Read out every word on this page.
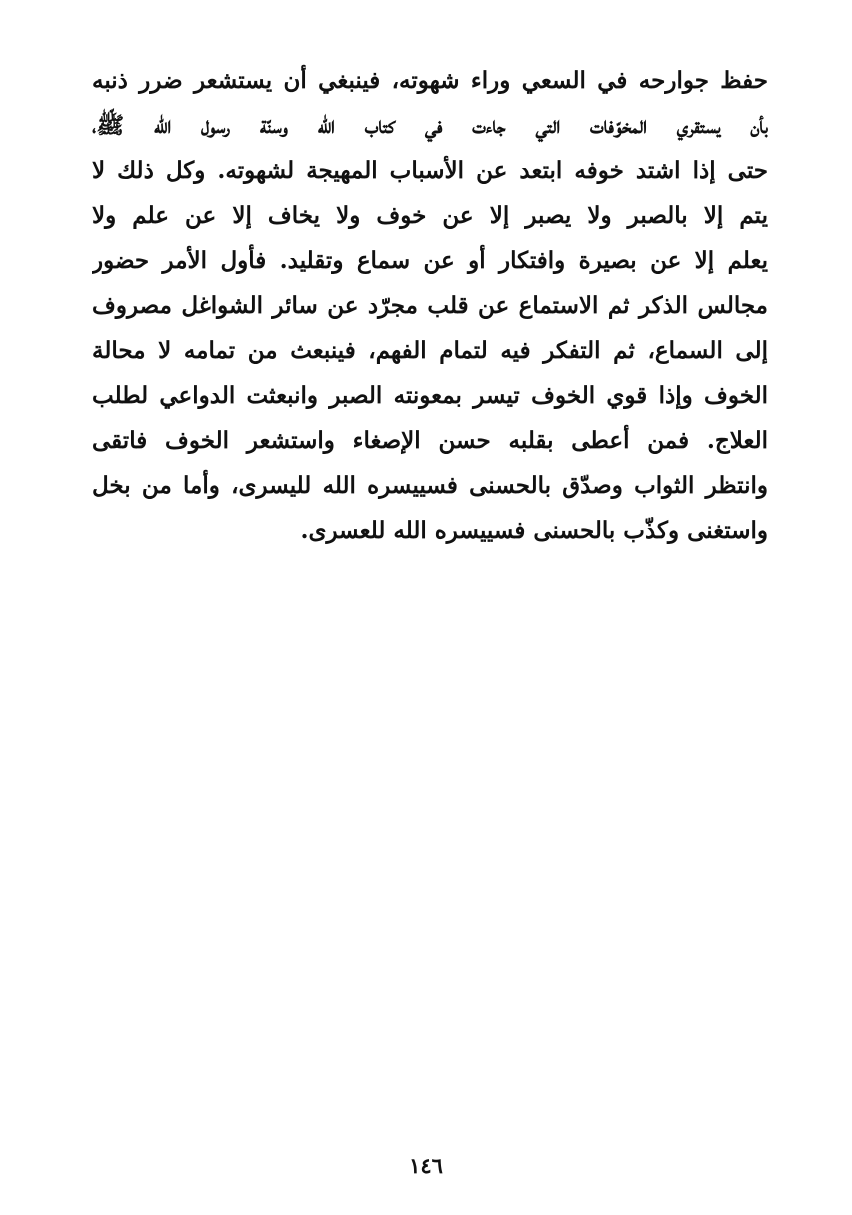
حفظ جوارحه في السعي وراء شهوته، فينبغي أن يستشعر ضرر ذنبه
بأن يستقري المخوّفات التي جاءت في كتاب الله وسنّة رسول الله ﷺ،
حتى إذا اشتد خوفه ابتعد عن الأسباب المهيجة لشهوته. وكل ذلك لا
يتم إلا بالصبر ولا يصبر إلا عن خوف ولا يخاف إلا عن علم ولا
يعلم إلا عن بصيرة وافتكار أو عن سماع وتقليد. فأول الأمر حضور
مجالس الذكر ثم الاستماع عن قلب مجرّد عن سائر الشواغل مصروف
إلى السماع، ثم التفكر فيه لتمام الفهم، فينبعث من تمامه لا محالة
الخوف وإذا قوي الخوف تيسر بمعونته الصبر وانبعثت الدواعي لطلب
العلاج. فمن أعطى بقلبه حسن الإصغاء واستشعر الخوف فاتقى
وانتظر الثواب وصدّق بالحسنى فسييسره الله لليسرى، وأما من بخل
واستغنى وكذّب بالحسنى فسييسره الله للعسرى.
١٤٦
